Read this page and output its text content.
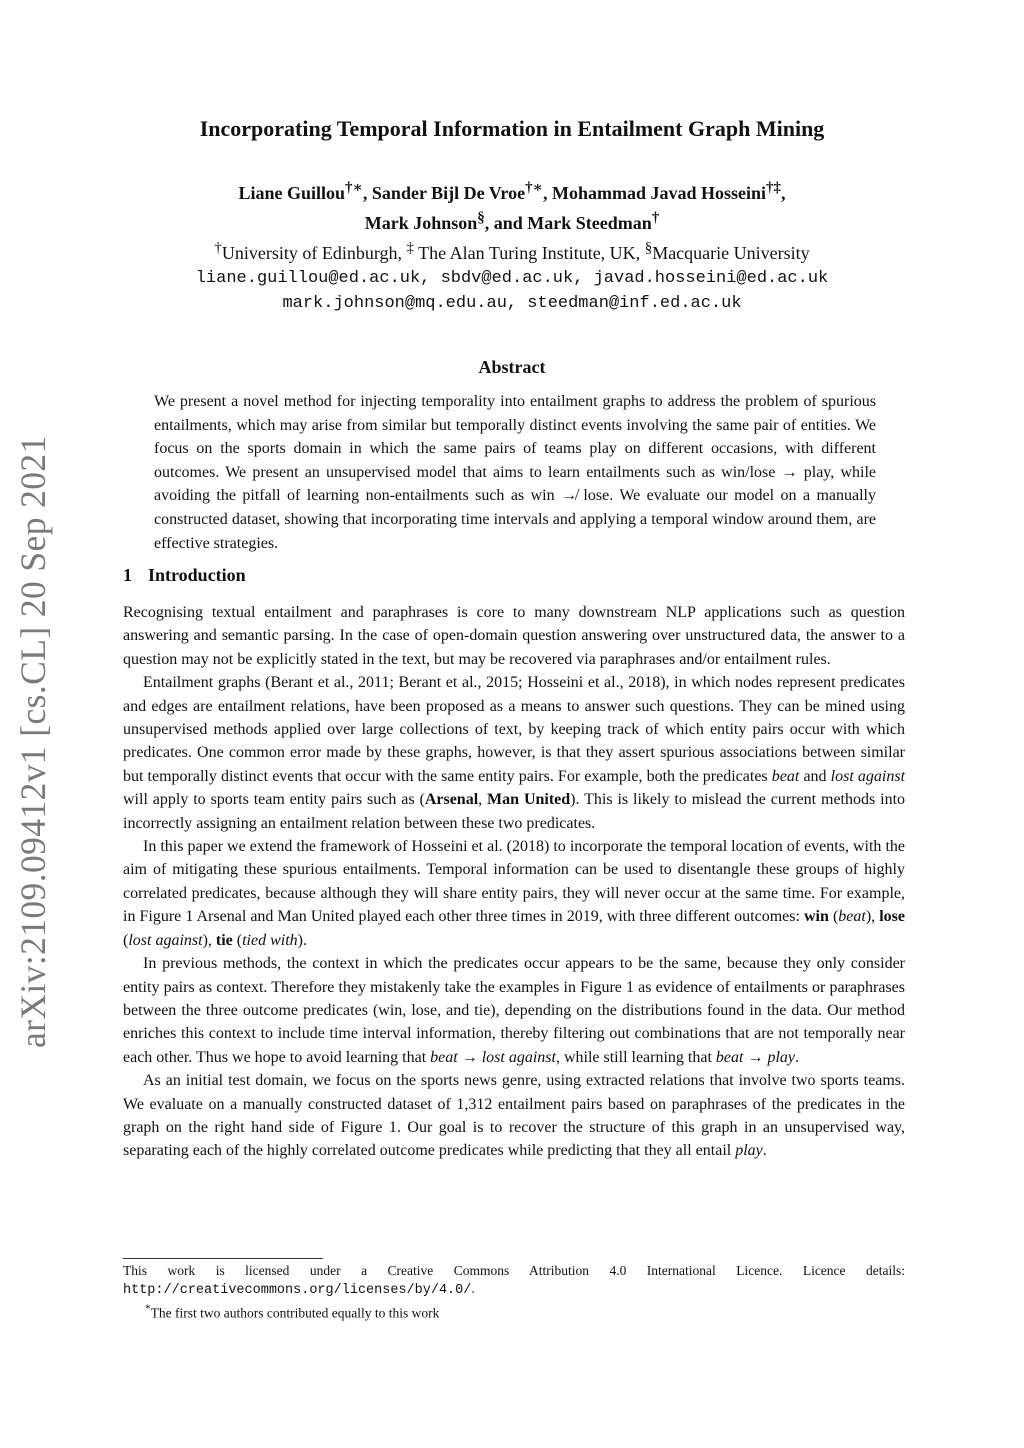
arXiv:2109.09412v1 [cs.CL] 20 Sep 2021
Incorporating Temporal Information in Entailment Graph Mining
Liane Guillou†∗, Sander Bijl De Vroe†∗, Mohammad Javad Hosseini†‡,
Mark Johnson§, and Mark Steedman†
†University of Edinburgh, ‡ The Alan Turing Institute, UK, §Macquarie University
liane.guillou@ed.ac.uk, sbdv@ed.ac.uk, javad.hosseini@ed.ac.uk
mark.johnson@mq.edu.au, steedman@inf.ed.ac.uk
Abstract

We present a novel method for injecting temporality into entailment graphs to address the problem of spurious entailments, which may arise from similar but temporally distinct events involving the same pair of entities. We focus on the sports domain in which the same pairs of teams play on different occasions, with different outcomes. We present an unsupervised model that aims to learn entailments such as win/lose → play, while avoiding the pitfall of learning non-entailments such as win ↛ lose. We evaluate our model on a manually constructed dataset, showing that incorporating time intervals and applying a temporal window around them, are effective strategies.

1 Introduction

Recognising textual entailment and paraphrases is core to many downstream NLP applications such as question answering and semantic parsing. In the case of open-domain question answering over unstructured data, the answer to a question may not be explicitly stated in the text, but may be recovered via paraphrases and/or entailment rules.

Entailment graphs (Berant et al., 2011; Berant et al., 2015; Hosseini et al., 2018), in which nodes represent predicates and edges are entailment relations, have been proposed as a means to answer such questions. They can be mined using unsupervised methods applied over large collections of text, by keeping track of which entity pairs occur with which predicates. One common error made by these graphs, however, is that they assert spurious associations between similar but temporally distinct events that occur with the same entity pairs. For example, both the predicates beat and lost against will apply to sports team entity pairs such as (Arsenal, Man United). This is likely to mislead the current methods into incorrectly assigning an entailment relation between these two predicates.

In this paper we extend the framework of Hosseini et al. (2018) to incorporate the temporal location of events, with the aim of mitigating these spurious entailments. Temporal information can be used to disentangle these groups of highly correlated predicates, because although they will share entity pairs, they will never occur at the same time. For example, in Figure 1 Arsenal and Man United played each other three times in 2019, with three different outcomes: win (beat), lose (lost against), tie (tied with).

In previous methods, the context in which the predicates occur appears to be the same, because they only consider entity pairs as context. Therefore they mistakenly take the examples in Figure 1 as evidence of entailments or paraphrases between the three outcome predicates (win, lose, and tie), depending on the distributions found in the data. Our method enriches this context to include time interval information, thereby filtering out combinations that are not temporally near each other. Thus we hope to avoid learning that beat → lost against, while still learning that beat → play.

As an initial test domain, we focus on the sports news genre, using extracted relations that involve two sports teams. We evaluate on a manually constructed dataset of 1,312 entailment pairs based on paraphrases of the predicates in the graph on the right hand side of Figure 1. Our goal is to recover the structure of this graph in an unsupervised way, separating each of the highly correlated outcome predicates while predicting that they all entail play.

This work is licensed under a Creative Commons Attribution 4.0 International Licence. Licence details: http://creativecommons.org/licenses/by/4.0/.

*The first two authors contributed equally to this work
